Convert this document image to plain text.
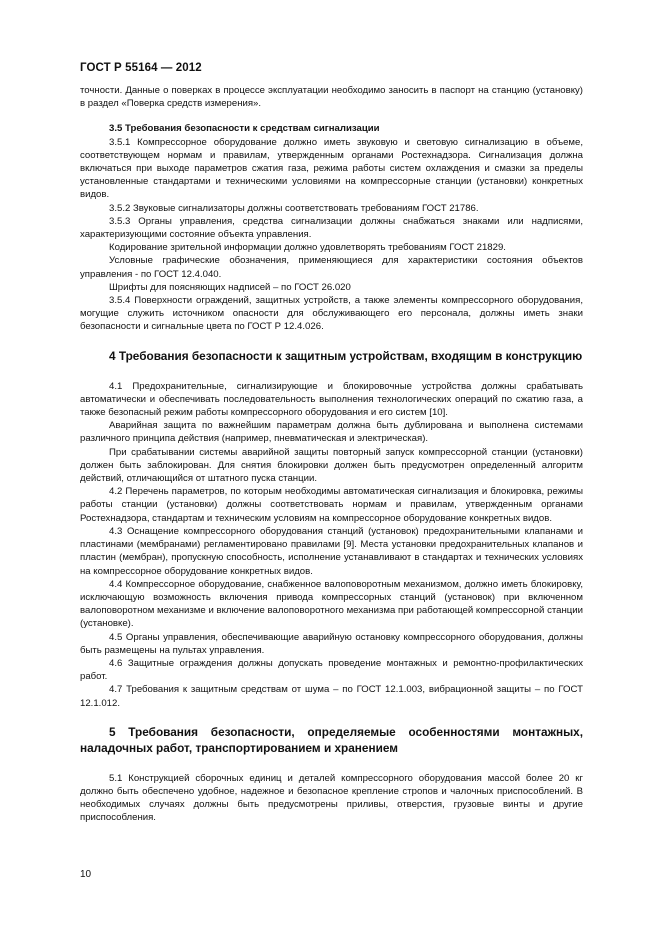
ГОСТ Р 55164 — 2012

точности. Данные о поверках в процессе эксплуатации необходимо заносить в паспорт на станцию (установку) в раздел «Поверка средств измерения».

3.5 Требования безопасности к средствам сигнализации

3.5.1 Компрессорное оборудование должно иметь звуковую и световую сигнализацию в объеме, соответствующем нормам и правилам, утвержденным органами Ростехнадзора. Сигнализация должна включаться при выходе параметров сжатия газа, режима работы систем охлаждения и смазки за пределы установленные стандартами и техническими условиями на компрессорные станции (установки) конкретных видов.

3.5.2 Звуковые сигнализаторы должны соответствовать требованиям ГОСТ 21786.

3.5.3 Органы управления, средства сигнализации должны снабжаться знаками или надписями, характеризующими состояние объекта управления.

Кодирование зрительной информации должно удовлетворять требованиям ГОСТ 21829.

Условные графические обозначения, применяющиеся для характеристики состояния объектов управления - по ГОСТ 12.4.040.

Шрифты для поясняющих надписей – по ГОСТ 26.020

3.5.4 Поверхности ограждений, защитных устройств, а также элементы компрессорного оборудования, могущие служить источником опасности для обслуживающего его персонала, должны иметь знаки безопасности и сигнальные цвета по ГОСТ Р 12.4.026.

4 Требования безопасности к защитным устройствам, входящим в конструкцию

4.1 Предохранительные, сигнализирующие и блокировочные устройства должны срабатывать автоматически и обеспечивать последовательность выполнения технологических операций по сжатию газа, а также безопасный режим работы компрессорного оборудования и его систем [10].

Аварийная защита по важнейшим параметрам должна быть дублирована и выполнена системами различного принципа действия (например, пневматическая и электрическая).

При срабатывании системы аварийной защиты повторный запуск компрессорной станции (установки) должен быть заблокирован. Для снятия блокировки должен быть предусмотрен определенный алгоритм действий, отличающийся от штатного пуска станции.

4.2 Перечень параметров, по которым необходимы автоматическая сигнализация и блокировка, режимы работы станции (установки) должны соответствовать нормам и правилам, утвержденным органами Ростехнадзора, стандартам и техническим условиям на компрессорное оборудование конкретных видов.

4.3 Оснащение компрессорного оборудования станций (установок) предохранительными клапанами и пластинами (мембранами) регламентировано правилами [9]. Места установки предохранительных клапанов и пластин (мембран), пропускную способность, исполнение устанавливают в стандартах и технических условиях на компрессорное оборудование конкретных видов.

4.4 Компрессорное оборудование, снабженное валоповоротным механизмом, должно иметь блокировку, исключающую возможность включения привода компрессорных станций (установок) при включенном валоповоротном механизме и включение валоповоротного механизма при работающей компрессорной станции (установке).

4.5 Органы управления, обеспечивающие аварийную остановку компрессорного оборудования, должны быть размещены на пультах управления.

4.6 Защитные ограждения должны допускать проведение монтажных и ремонтно-профилактических работ.

4.7 Требования к защитным средствам от шума – по ГОСТ 12.1.003, вибрационной защиты – по ГОСТ 12.1.012.

5 Требования безопасности, определяемые особенностями монтажных, наладочных работ, транспортированием и хранением

5.1 Конструкцией сборочных единиц и деталей компрессорного оборудования массой более 20 кг должно быть обеспечено удобное, надежное и безопасное крепление стропов и чалочных приспособлений. В необходимых случаях должны быть предусмотрены приливы, отверстия, грузовые винты и другие приспособления.

10
